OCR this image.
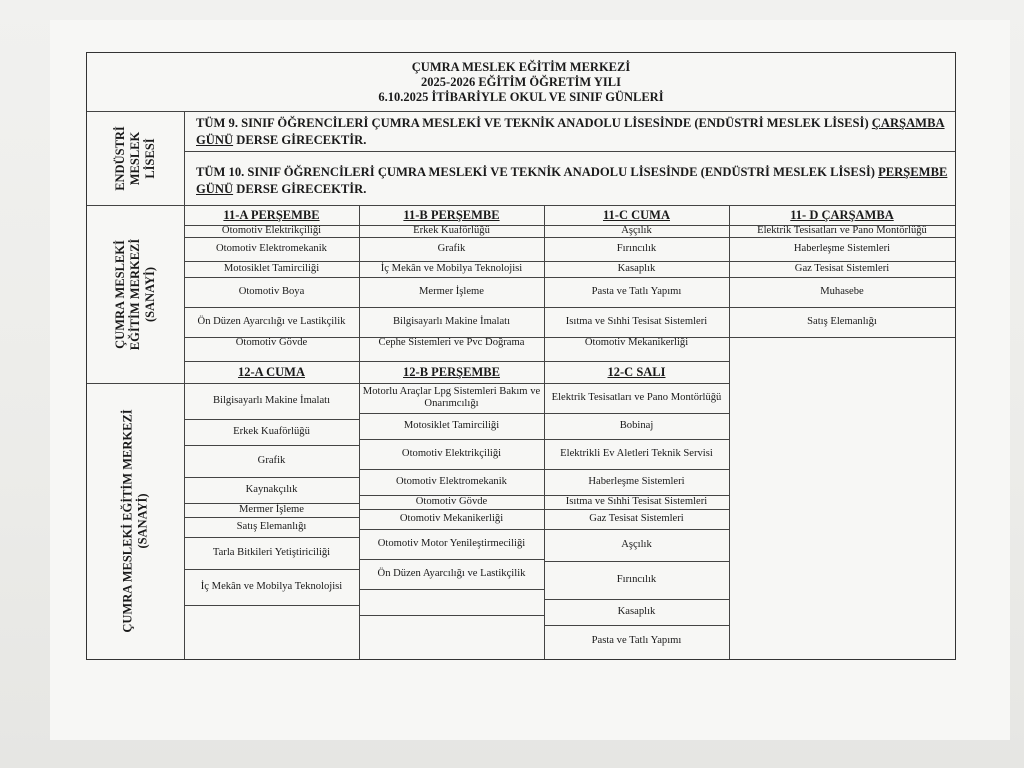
ÇUMRA MESLEK EĞİTİM MERKEZİ
2025-2026 EĞİTİM ÖĞRETİM YILI
6.10.2025 İTİBARİYLE OKUL VE SINIF GÜNLERİ
ENDÜSTRİ MESLEK LİSESİ
ÇUMRA MESLEKİ EĞİTİM MERKEZİ (SANAYİ)
ÇUMRA MESLEKİ EĞİTİM MERKEZİ (SANAYİ)
TÜM 9. SINIF ÖĞRENCİLERİ ÇUMRA MESLEKİ VE TEKNİK ANADOLU LİSESİNDE (ENDÜSTRİ MESLEK LİSESİ) ÇARŞAMBA GÜNÜ DERSE GİRECEKTİR.
TÜM 10. SINIF ÖĞRENCİLERİ ÇUMRA MESLEKİ VE TEKNİK ANADOLU LİSESİNDE (ENDÜSTRİ MESLEK LİSESİ) PERŞEMBE GÜNÜ DERSE GİRECEKTİR.
11-A PERŞEMBE
Otomotiv Elektrikçiliği
Otomotiv Elektromekanik
Motosiklet Tamirciliği
Otomotiv Boya
Ön Düzen Ayarcılığı ve Lastikçilik
Otomotiv Gövde
11-B PERŞEMBE
Erkek Kuaförlüğü
Grafik
İç Mekân ve Mobilya Teknolojisi
Mermer İşleme
Bilgisayarlı Makine İmalatı
Cephe Sistemleri ve Pvc Doğrama
11-C CUMA
Aşçılık
Fırıncılık
Kasaplık
Pasta ve Tatlı Yapımı
Isıtma ve Sıhhi Tesisat Sistemleri
Otomotiv Mekanikerliği
11- D ÇARŞAMBA
Elektrik Tesisatları ve Pano Montörlüğü
Haberleşme Sistemleri
Gaz Tesisat Sistemleri
Muhasebe
Satış Elemanlığı
12-A CUMA
Bilgisayarlı Makine İmalatı
Erkek Kuaförlüğü
Grafik
Kaynakçılık
Mermer İşleme
Satış Elemanlığı
Tarla Bitkileri Yetiştiriciliği
İç Mekân ve Mobilya Teknolojisi
12-B PERŞEMBE
Motorlu Araçlar Lpg Sistemleri Bakım ve Onarımcılığı
Motosiklet Tamirciliği
Otomotiv Elektrikçiliği
Otomotiv Elektromekanik
Otomotiv Gövde
Otomotiv Mekanikerliği
Otomotiv Motor Yenileştirmeciliği
Ön Düzen Ayarcılığı ve Lastikçilik
12-C SALI
Elektrik Tesisatları ve Pano Montörlüğü
Bobinaj
Elektrikli Ev Aletleri Teknik Servisi
Haberleşme Sistemleri
Isıtma ve Sıhhi Tesisat Sistemleri
Gaz Tesisat Sistemleri
Aşçılık
Fırıncılık
Kasaplık
Pasta ve Tatlı Yapımı
